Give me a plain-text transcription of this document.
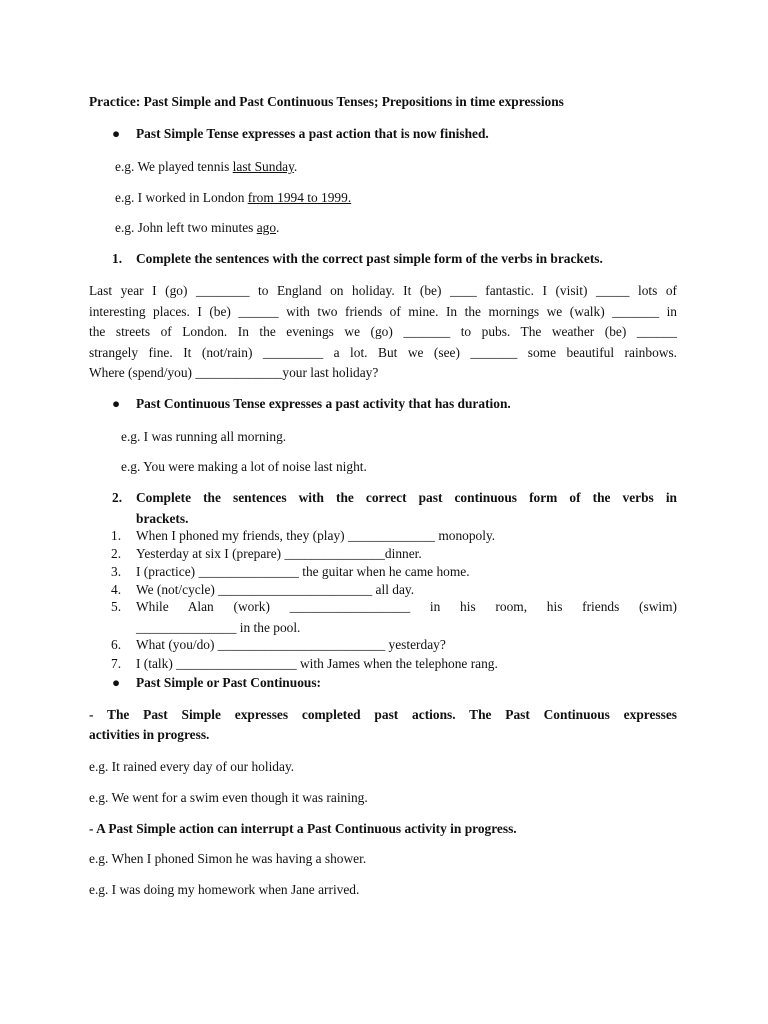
Practice: Past Simple and Past Continuous Tenses; Prepositions in time expressions
● Past Simple Tense expresses a past action that is now finished.
e.g. We played tennis last Sunday.
e.g. I worked in London from 1994 to 1999.
e.g. John left two minutes ago.
1. Complete the sentences with the correct past simple form of the verbs in brackets.
Last year I (go) ________ to England on holiday. It (be) ____ fantastic. I (visit) _____ lots of
interesting places. I (be) ______ with two friends of mine. In the mornings we (walk) _______ in
the streets of London. In the evenings we (go) _______ to pubs. The weather (be) ______
strangely fine. It (not/rain) _________ a lot. But we (see) _______ some beautiful rainbows.
Where (spend/you) _____________your last holiday?
● Past Continuous Tense expresses a past activity that has duration.
e.g. I was running all morning.
e.g. You were making a lot of noise last night.
2. Complete the sentences with the correct past continuous form of the verbs in
brackets.
1. When I phoned my friends, they (play) _____________ monopoly.
2. Yesterday at six I (prepare) _______________dinner.
3. I (practice) _______________ the guitar when he came home.
4. We (not/cycle) _______________________ all day.
5. While Alan (work) __________________ in his room, his friends (swim)
_______________ in the pool.
6. What (you/do) _________________________ yesterday?
7. I (talk) __________________ with James when the telephone rang.
● Past Simple or Past Continuous:
- The Past Simple expresses completed past actions. The Past Continuous expresses
activities in progress.
e.g. It rained every day of our holiday.
e.g. We went for a swim even though it was raining.
- A Past Simple action can interrupt a Past Continuous activity in progress.
e.g. When I phoned Simon he was having a shower.
e.g. I was doing my homework when Jane arrived.
